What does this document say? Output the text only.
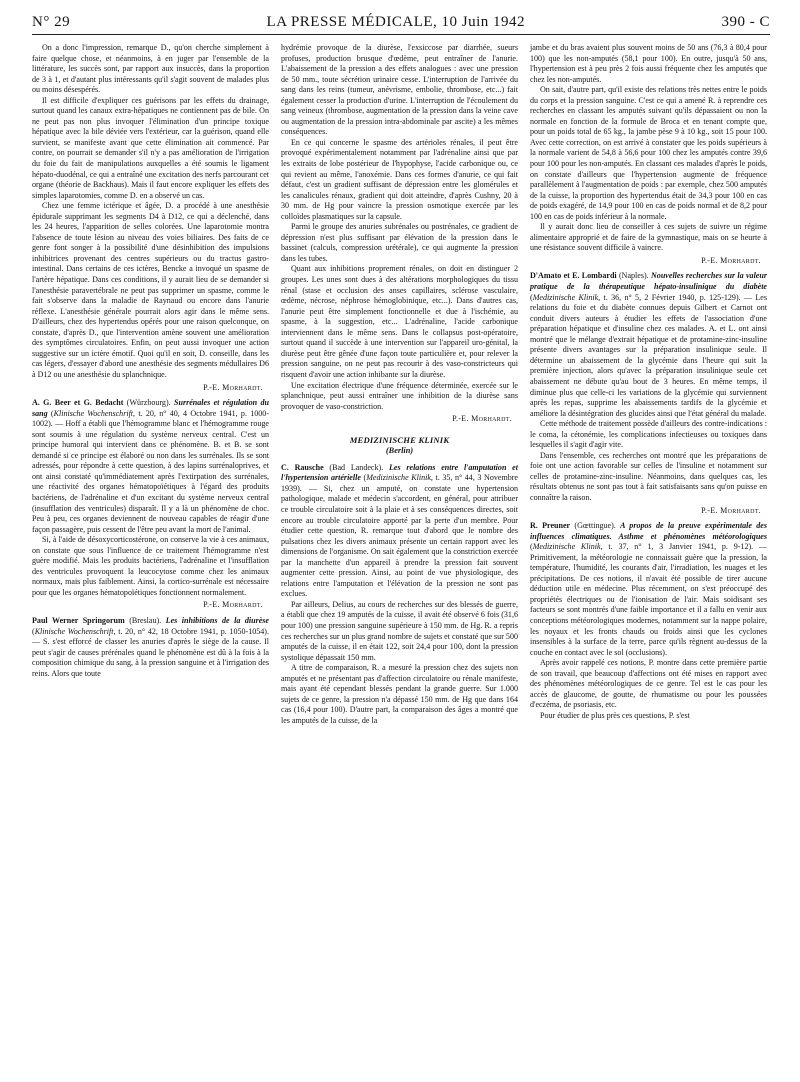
N° 29	LA PRESSE MÉDICALE, 10 Juin 1942	390 - C

On a donc l'impression, remarque D., qu'on cherche simplement à faire quelque chose, et néanmoins, à en juger par l'ensemble de la littérature, les succès sont, par rapport aux insuccès, dans la proportion de 3 à 1, et d'autant plus intéressants qu'il s'agit souvent de malades plus ou moins désespérés.

Il est difficile d'expliquer ces guérisons par les effets du drainage, surtout quand les canaux extra-hépatiques ne contiennent pas de bile. On ne peut pas non plus invoquer l'élimination d'un principe toxique hépatique avec la bile déviée vers l'extérieur, car la guérison, quand elle survient, se manifeste avant que cette élimination ait commencé. Par contre, on pourrait se demander s'il n'y a pas amélioration de l'irrigation du foie du fait de manipulations auxquelles a été soumis le ligament hépato-duodénal, ce qui a entraîné une excitation des nerfs parcourant cet organe (théorie de Backhaus). Mais il faut encore expliquer les effets des simples laparotomies, comme D. en a observé un cas.

Chez une femme ictérique et âgée, D. a procédé à une anesthésie épidurale supprimant les segments D4 à D12, ce qui a déclenché, dans les 24 heures, l'apparition de selles colorées. Une laparotomie montra l'absence de toute lésion au niveau des voies biliaires. Des faits de ce genre font songer à la possibilité d'une désinhibition des impulsions inhibitrices provenant des centres supérieurs ou du tractus gastro-intestinal. Dans certains de ces ictères, Bencke a invoqué un spasme de l'artère hépatique. Dans ces conditions, il y aurait lieu de se demander si l'anesthésie paravertébrale ne peut pas supprimer un spasme, comme le fait s'observe dans la maladie de Raynaud ou encore dans l'anurie réflexe. L'anesthésie générale pourrait alors agir dans le même sens. D'ailleurs, chez des hypertendus opérés pour une raison quelconque, on constate, d'après D., que l'intervention amène souvent une amélioration des symptômes circulatoires. Enfin, on peut aussi invoquer une action suggestive sur un ictère émotif. Quoi qu'il en soit, D. conseille, dans les cas légers, d'essayer d'abord une anesthésie des segments médullaires D6 à D12 ou une anesthésie du splanchnique.

P.-E. Morhardt.

A. G. Beer et G. Bedacht (Würzbourg). Surrénales et régulation du sang (Klinische Wochenschrift, t. 20, n° 40, 4 Octobre 1941, p. 1000-1002). — Hoff a établi que l'hémogramme blanc et l'hémogramme rouge sont soumis à une régulation du système nerveux central. C'est un principe humoral qui intervient dans ce phénomène. B. et B. se sont demandé si ce principe est élaboré ou non dans les surrénales. Ils se sont adressés, pour répondre à cette question, à des lapins surrénaloprives, et ont ainsi constaté qu'immédiatement après l'extirpation des surrénales, une réactivité des organes hématopoïétiques à l'égard des produits bactériens, de l'adrénaline et d'un excitant du système nerveux central (insufflation des ventricules) disparaît. Il y a là un phénomène de choc. Peu à peu, ces organes deviennent de nouveau capables de réagir d'une façon passagère, puis cessent de l'être peu avant la mort de l'animal.

Si, à l'aide de désoxycorticostérone, on conserve la vie à ces animaux, on constate que sous l'influence de ce traitement l'hémogramme n'est guère modifié. Mais les produits bactériens, l'adrénaline et l'insufflation des ventricules provoquent la leucocytose comme chez les animaux normaux, mais plus faiblement. Ainsi, la cortico-surrénale est nécessaire pour que les organes hématopoïétiques fonctionnent normalement.

P.-E. Morhardt.

Paul Werner Springorum (Breslau). Les inhibitions de la diurèse (Klinische Wochenschrift, t. 20, n° 42, 18 Octobre 1941, p. 1050-1054). — S. s'est efforcé de classer les anuries d'après le siège de la cause. Il peut s'agir de causes prérénales quand le phénomène est dû à la fois à la composition chimique du sang, à la pression sanguine et à l'irrigation des reins. Alors que toute

hydrémie provoque de la diurèse, l'exsiccose par diarrhée, sueurs profuses, production brusque d'œdème, peut entraîner de l'anurie. L'abaissement de la pression a des effets analogues : avec une pression de 50 mm., toute sécrétion urinaire cesse. L'interruption de l'arrivée du sang dans les reins (tumeur, anévrisme, embolie, thrombose, etc...) fait également cesser la production d'urine. L'interruption de l'écoulement du sang veineux (thrombose, augmentation de la pression dans la veine cave ou augmentation de la pression intra-abdominale par ascite) a les mêmes conséquences.

En ce qui concerne le spasme des artérioles rénales, il peut être provoqué expérimentalement notamment par l'adrénaline ainsi que par les extraits de lobe postérieur de l'hypophyse, l'acide carbonique ou, ce qui revient au même, l'anoxémie. Dans ces formes d'anurie, ce qui fait défaut, c'est un gradient suffisant de dépression entre les glomérules et les canalicules rénaux, gradient qui doit atteindre, d'après Cushny, 20 à 30 mm. de Hg pour vaincre la pression osmotique exercée par les colloïdes plasmatiques sur la capsule.

Parmi le groupe des anuries subrénales ou postrénales, ce gradient de dépression n'est plus suffisant par élévation de la pression dans le bassinet (calculs, compression urétérale), ce qui augmente la pression dans les tubes.

Quant aux inhibitions proprement rénales, on doit en distinguer 2 groupes. Les unes sont dues à des altérations morphologiques du tissu rénal (stase et occlusion des anses capillaires, sclérose vasculaire, œdème, nécrose, néphrose hémoglobinique, etc...). Dans d'autres cas, l'anurie peut être simplement fonctionnelle et due à l'ischémie, au spasme, à la suggestion, etc... L'adrénaline, l'acide carbonique interviennent dans le même sens. Dans le collapsus post-opératoire, surtout quand il succède à une intervention sur l'appareil uro-génital, la diurèse peut être gênée d'une façon toute particulière et, pour relever la pression sanguine, on ne peut pas recourir à des vaso-constricteurs qui risquent d'avoir une action inhibante sur la diurèse.

Une excitation électrique d'une fréquence déterminée, exercée sur le splanchnique, peut aussi entraîner une inhibition de la diurèse sans provoquer de vaso-constriction.

P.-E. Morhardt.
MEDIZINISCHE KLINIK
(Berlin)

C. Rausche (Bad Landeck). Les relations entre l'amputation et l'hypertension artérielle (Medizinische Klinik, t. 35, n° 44, 3 Novembre 1939). — Si, chez un amputé, on constate une hypertension pathologique, malade et médecin s'accordent, en général, pour attribuer ce trouble circulatoire soit à la plaie et à ses conséquences directes, soit encore au trouble circulatoire apporté par la perte d'un membre. Pour étudier cette question, R. remarque tout d'abord que le nombre des pulsations chez les divers animaux présente un certain rapport avec les dimensions de l'organisme. On sait également que la constriction exercée par la manchette d'un appareil à prendre la pression fait souvent augmenter cette pression. Ainsi, au point de vue physiologique, des relations entre l'amputation et l'élévation de la pression ne sont pas exclues.

Par ailleurs, Delius, au cours de recherches sur des blessés de guerre, a établi que chez 19 amputés de la cuisse, il avait été observé 6 fois (31,6 pour 100) une pression sanguine supérieure à 150 mm. de Hg. R. a repris ces recherches sur un plus grand nombre de sujets et constaté que sur 500 amputés de la cuisse, il en était 122, soit 24,4 pour 100, dont la pression systolique dépassait 150 mm.

A titre de comparaison, R. a mesuré la pression chez des sujets non amputés et ne présentant pas d'affection circulatoire ou rénale manifeste, mais ayant été cependant blessés pendant la grande guerre. Sur 1.000 sujets de ce genre, la pression n'a dépassé 150 mm. de Hg que dans 164 cas (16,4 pour 100). D'autre part, la comparaison des âges a montré que les amputés de la cuisse, de la

jambe et du bras avaient plus souvent moins de 50 ans (76,3 à 80,4 pour 100) que les non-amputés (58,1 pour 100). En outre, jusqu'à 50 ans, l'hypertension est à peu près 2 fois aussi fréquente chez les amputés que chez les non-amputés.

On sait, d'autre part, qu'il existe des relations très nettes entre le poids du corps et la pression sanguine. C'est ce qui a amené R. à reprendre ces recherches en classant les amputés suivant qu'ils dépassaient ou non la normale en fonction de la formule de Broca et en tenant compte que, pour un poids total de 65 kg., la jambe pèse 9 à 10 kg., soit 15 pour 100. Avec cette correction, on est arrivé à constater que les poids supérieurs à la normale varient de 54,8 à 56,6 pour 100 chez les amputés contre 39,6 pour 100 pour les non-amputés. En classant ces malades d'après le poids, on constate d'ailleurs que l'hypertension augmente de fréquence parallèlement à l'augmentation de poids : par exemple, chez 500 amputés de la cuisse, la proportion des hypertendus était de 34,3 pour 100 en cas de poids exagéré, de 14,9 pour 100 en cas de poids normal et de 8,2 pour 100 en cas de poids inférieur à la normale.

Il y aurait donc lieu de conseiller à ces sujets de suivre un régime alimentaire approprié et de faire de la gymnastique, mais on se heurte à une résistance souvent difficile à vaincre.

P.-E. Morhardt.

D'Amato et E. Lombardi (Naples). Nouvelles recherches sur la valeur pratique de la thérapeutique hépato-insulinique du diabète (Medizinische Klinik, t. 36, n° 5, 2 Février 1940, p. 125-129). — Les relations du foie et du diabète connues depuis Gilbert et Carnot ont conduit divers auteurs à étudier les effets de l'association d'une préparation hépatique et d'insuline chez ces malades. A. et L. ont ainsi montré que le mélange d'extrait hépatique et de protamine-zinc-insuline présente divers avantages sur la préparation insulinique seule. Il détermine un abaissement de la glycémie dans l'heure qui suit la première injection, alors qu'avec la préparation insulinique seule cet abaissement ne débute qu'au bout de 3 heures. En même temps, il diminue plus que celle-ci les variations de la glycémie qui surviennent après les repas, supprime les abaissements tardifs de la glycémie et améliore la désintégration des glucides ainsi que l'état général du malade.

Cette méthode de traitement possède d'ailleurs des contre-indications : le coma, la cétonémie, les complications infectieuses ou toxiques dans lesquelles il s'agit d'agir vite.

Dans l'ensemble, ces recherches ont montré que les préparations de foie ont une action favorable sur celles de l'insuline et notamment sur celles de protamine-zinc-insuline. Néanmoins, dans quelques cas, les résultats obtenus ne sont pas tout à fait satisfaisants sans qu'on puisse en connaître la raison.

P.-E. Morhardt.

R. Preuner (Gœttingue). A propos de la preuve expérimentale des influences climatiques. Asthme et phénomènes météorologiques (Medizinische Klinik, t. 37, n° 1, 3 Janvier 1941, p. 9-12). — Primitivement, la météorologie ne connaissait guère que la pression, la température, l'humidité, les courants d'air, l'irradiation, les nuages et les précipitations. De ces notions, il n'avait été possible de tirer aucune déduction utile en médecine. Plus récemment, on s'est préoccupé des propriétés électriques ou de l'ionisation de l'air. Mais soidisant ses facteurs se sont montrés d'une faible importance et il a fallu en venir aux conceptions météorologiques modernes, notamment sur la nappe polaire, les noyaux et les fronts chauds ou froids ainsi que les cyclones insensibles à la surface de la terre, parce qu'ils règnent au-dessus de la couche en contact avec le sol (occlusions).

Après avoir rappelé ces notions, P. montre dans cette première partie de son travail, que beaucoup d'affections ont été mises en rapport avec des phénomènes météorologiques de ce genre. Tel est le cas pour les accès de glaucome, de goutte, de rhumatisme ou pour les poussées d'eczéma, de psoriasis, etc.

Pour étudier de plus près ces questions, P. s'est
